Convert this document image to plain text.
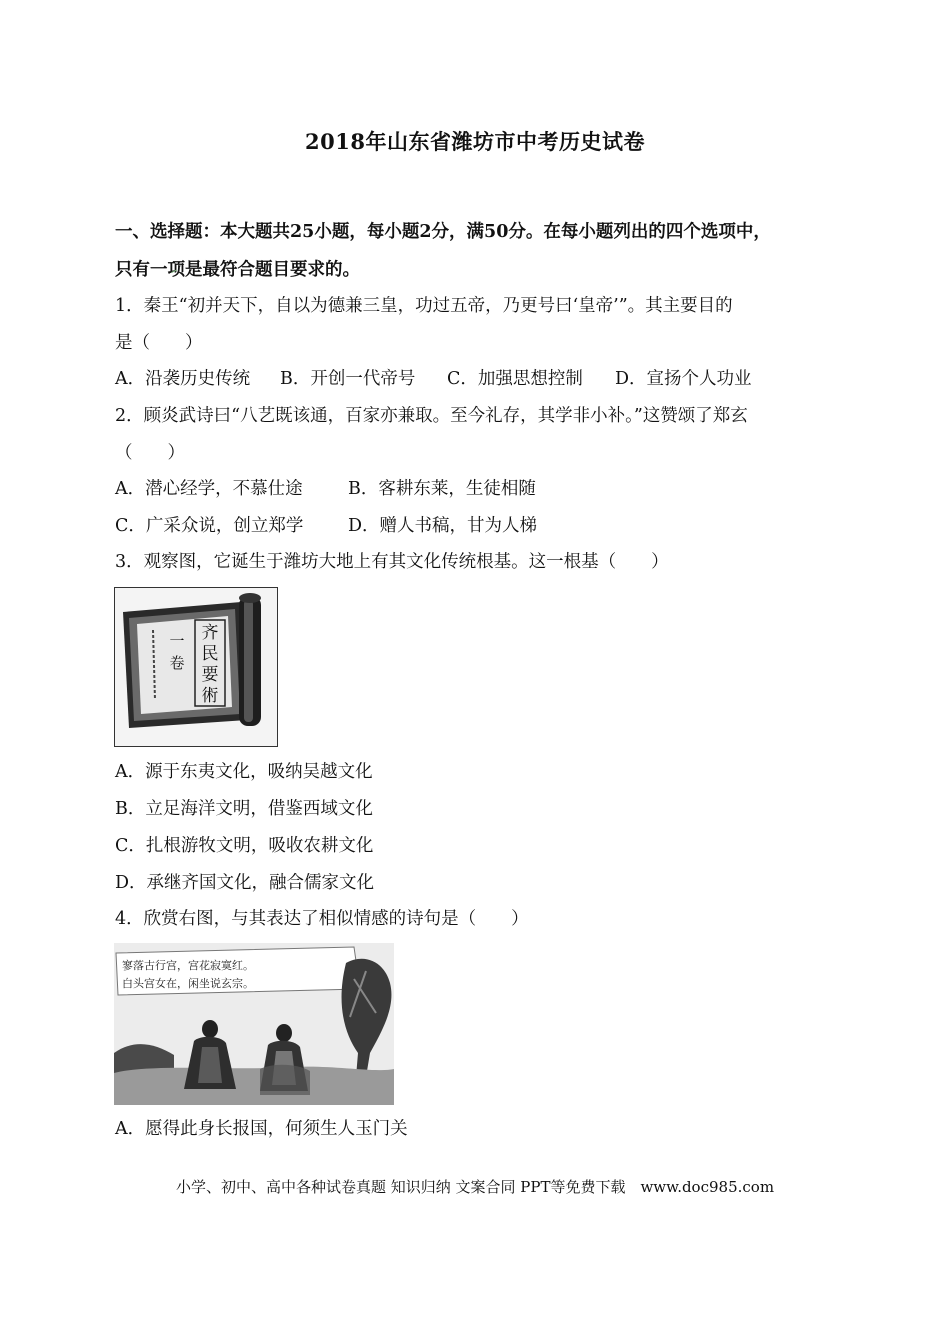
2018年山东省潍坊市中考历史试卷
一、选择题：本大题共25小题，每小题2分，满50分。在每小题列出的四个选项中，
只有一项是最符合题目要求的。
1．秦王“初并天下，自以为德兼三皇，功过五帝，乃更号曰‘皇帝’”。其主要目的
是（　　）
A．沿袭历史传统 B．开创一代帝号 C．加强思想控制 D．宣扬个人功业
2．顾炎武诗曰“八艺既该通，百家亦兼取。至今礼存，其学非小补。”这赞颂了郑玄
（　　）
A．潜心经学，不慕仕途	B．客耕东莱，生徒相随
C．广采众说，创立郑学	D．赠人书稿，甘为人梯
3．观察图，它诞生于潍坊大地上有其文化传统根基。这一根基（　　）
齐
民
要
術
一
卷
A．源于东夷文化，吸纳吴越文化
B．立足海洋文明，借鉴西域文化
C．扎根游牧文明，吸收农耕文化
D．承继齐国文化，融合儒家文化
4．欣赏右图，与其表达了相似情感的诗句是（　　）
寥落古行宫，宫花寂寞红。
白头宫女在，闲坐说玄宗。
A．愿得此身长报国，何须生人玉门关
小学、初中、高中各种试卷真题 知识归纳 文案合同 PPT等免费下载　www.doc985.com
